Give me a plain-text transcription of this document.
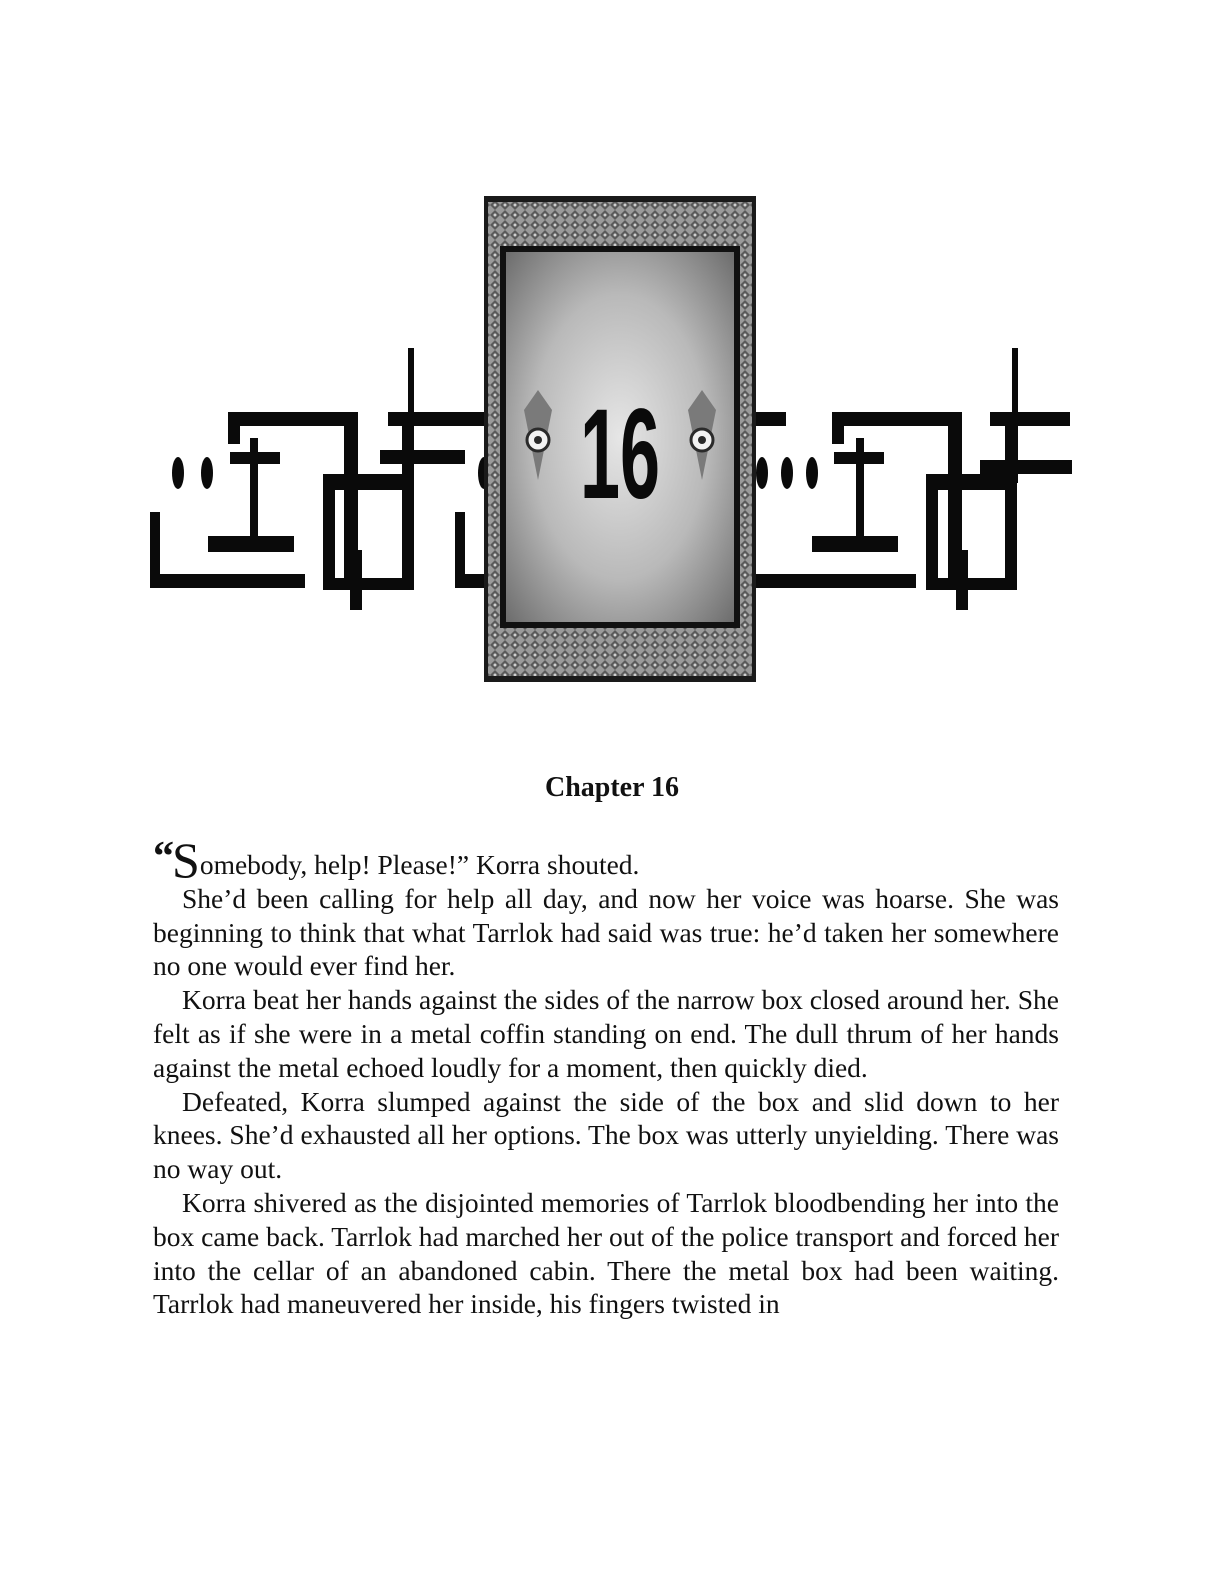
16
Chapter 16

“Somebody, help! Please!” Korra shouted.

She’d been calling for help all day, and now her voice was hoarse. She was beginning to think that what Tarrlok had said was true: he’d taken her somewhere no one would ever find her.

Korra beat her hands against the sides of the narrow box closed around her. She felt as if she were in a metal coffin standing on end. The dull thrum of her hands against the metal echoed loudly for a moment, then quickly died.

Defeated, Korra slumped against the side of the box and slid down to her knees. She’d exhausted all her options. The box was utterly unyielding. There was no way out.

Korra shivered as the disjointed memories of Tarrlok bloodbending her into the box came back. Tarrlok had marched her out of the police transport and forced her into the cellar of an abandoned cabin. There the metal box had been waiting. Tarrlok had maneuvered her inside, his fingers twisted in
